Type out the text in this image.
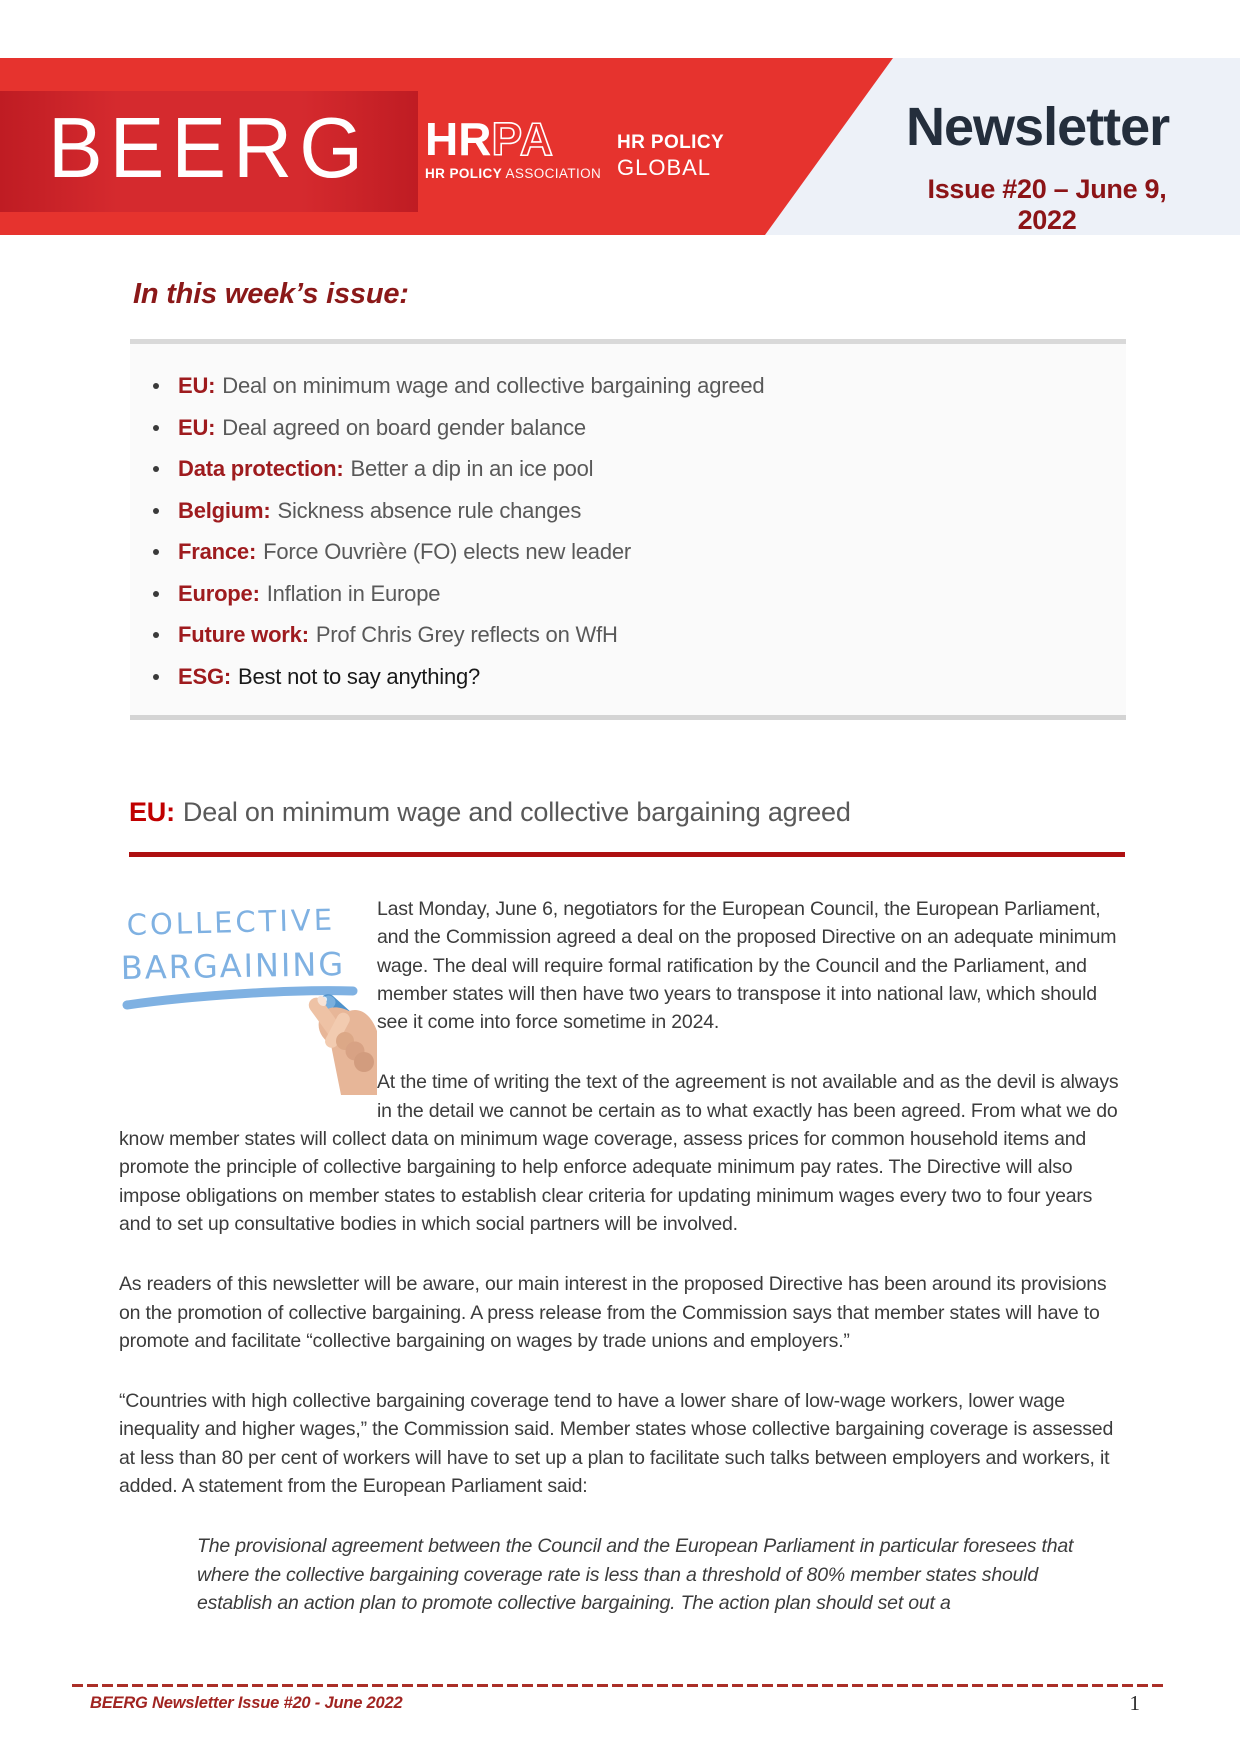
BEERG HRPA
HR POLICY ASSOCIATION
HR POLICY
GLOBAL
Newsletter
Issue #20 – June 9, 2022
In this week’s issue:
EU: Deal on minimum wage and collective bargaining agreed
EU: Deal agreed on board gender balance
Data protection: Better a dip in an ice pool
Belgium: Sickness absence rule changes
France: Force Ouvrière (FO) elects new leader
Europe: Inflation in Europe
Future work: Prof Chris Grey reflects on WfH
ESG: Best not to say anything?
EU: Deal on minimum wage and collective bargaining agreed
COLLECTIVE
BARGAINING

Last Monday, June 6, negotiators for the European Council, the European Parliament, and the Commission agreed a deal on the proposed Directive on an adequate minimum wage. The deal will require formal ratification by the Council and the Parliament, and member states will then have two years to transpose it into national law, which should see it come into force sometime in 2024.

At the time of writing the text of the agreement is not available and as the devil is always in the detail we cannot be certain as to what exactly has been agreed. From what we do know member states will collect data on minimum wage coverage, assess prices for common household items and promote the principle of collective bargaining to help enforce adequate minimum pay rates. The Directive will also impose obligations on member states to establish clear criteria for updating minimum wages every two to four years and to set up consultative bodies in which social partners will be involved.

As readers of this newsletter will be aware, our main interest in the proposed Directive has been around its provisions on the promotion of collective bargaining. A press release from the Commission says that member states will have to promote and facilitate “collective bargaining on wages by trade unions and employers.”

“Countries with high collective bargaining coverage tend to have a lower share of low-wage workers, lower wage inequality and higher wages,” the Commission said. Member states whose collective bargaining coverage is assessed at less than 80 per cent of workers will have to set up a plan to facilitate such talks between employers and workers, it added. A statement from the European Parliament said:

The provisional agreement between the Council and the European Parliament in particular foresees that where the collective bargaining coverage rate is less than a threshold of 80% member states should establish an action plan to promote collective bargaining. The action plan should set out a
BEERG Newsletter Issue #20 - June 2022	1
